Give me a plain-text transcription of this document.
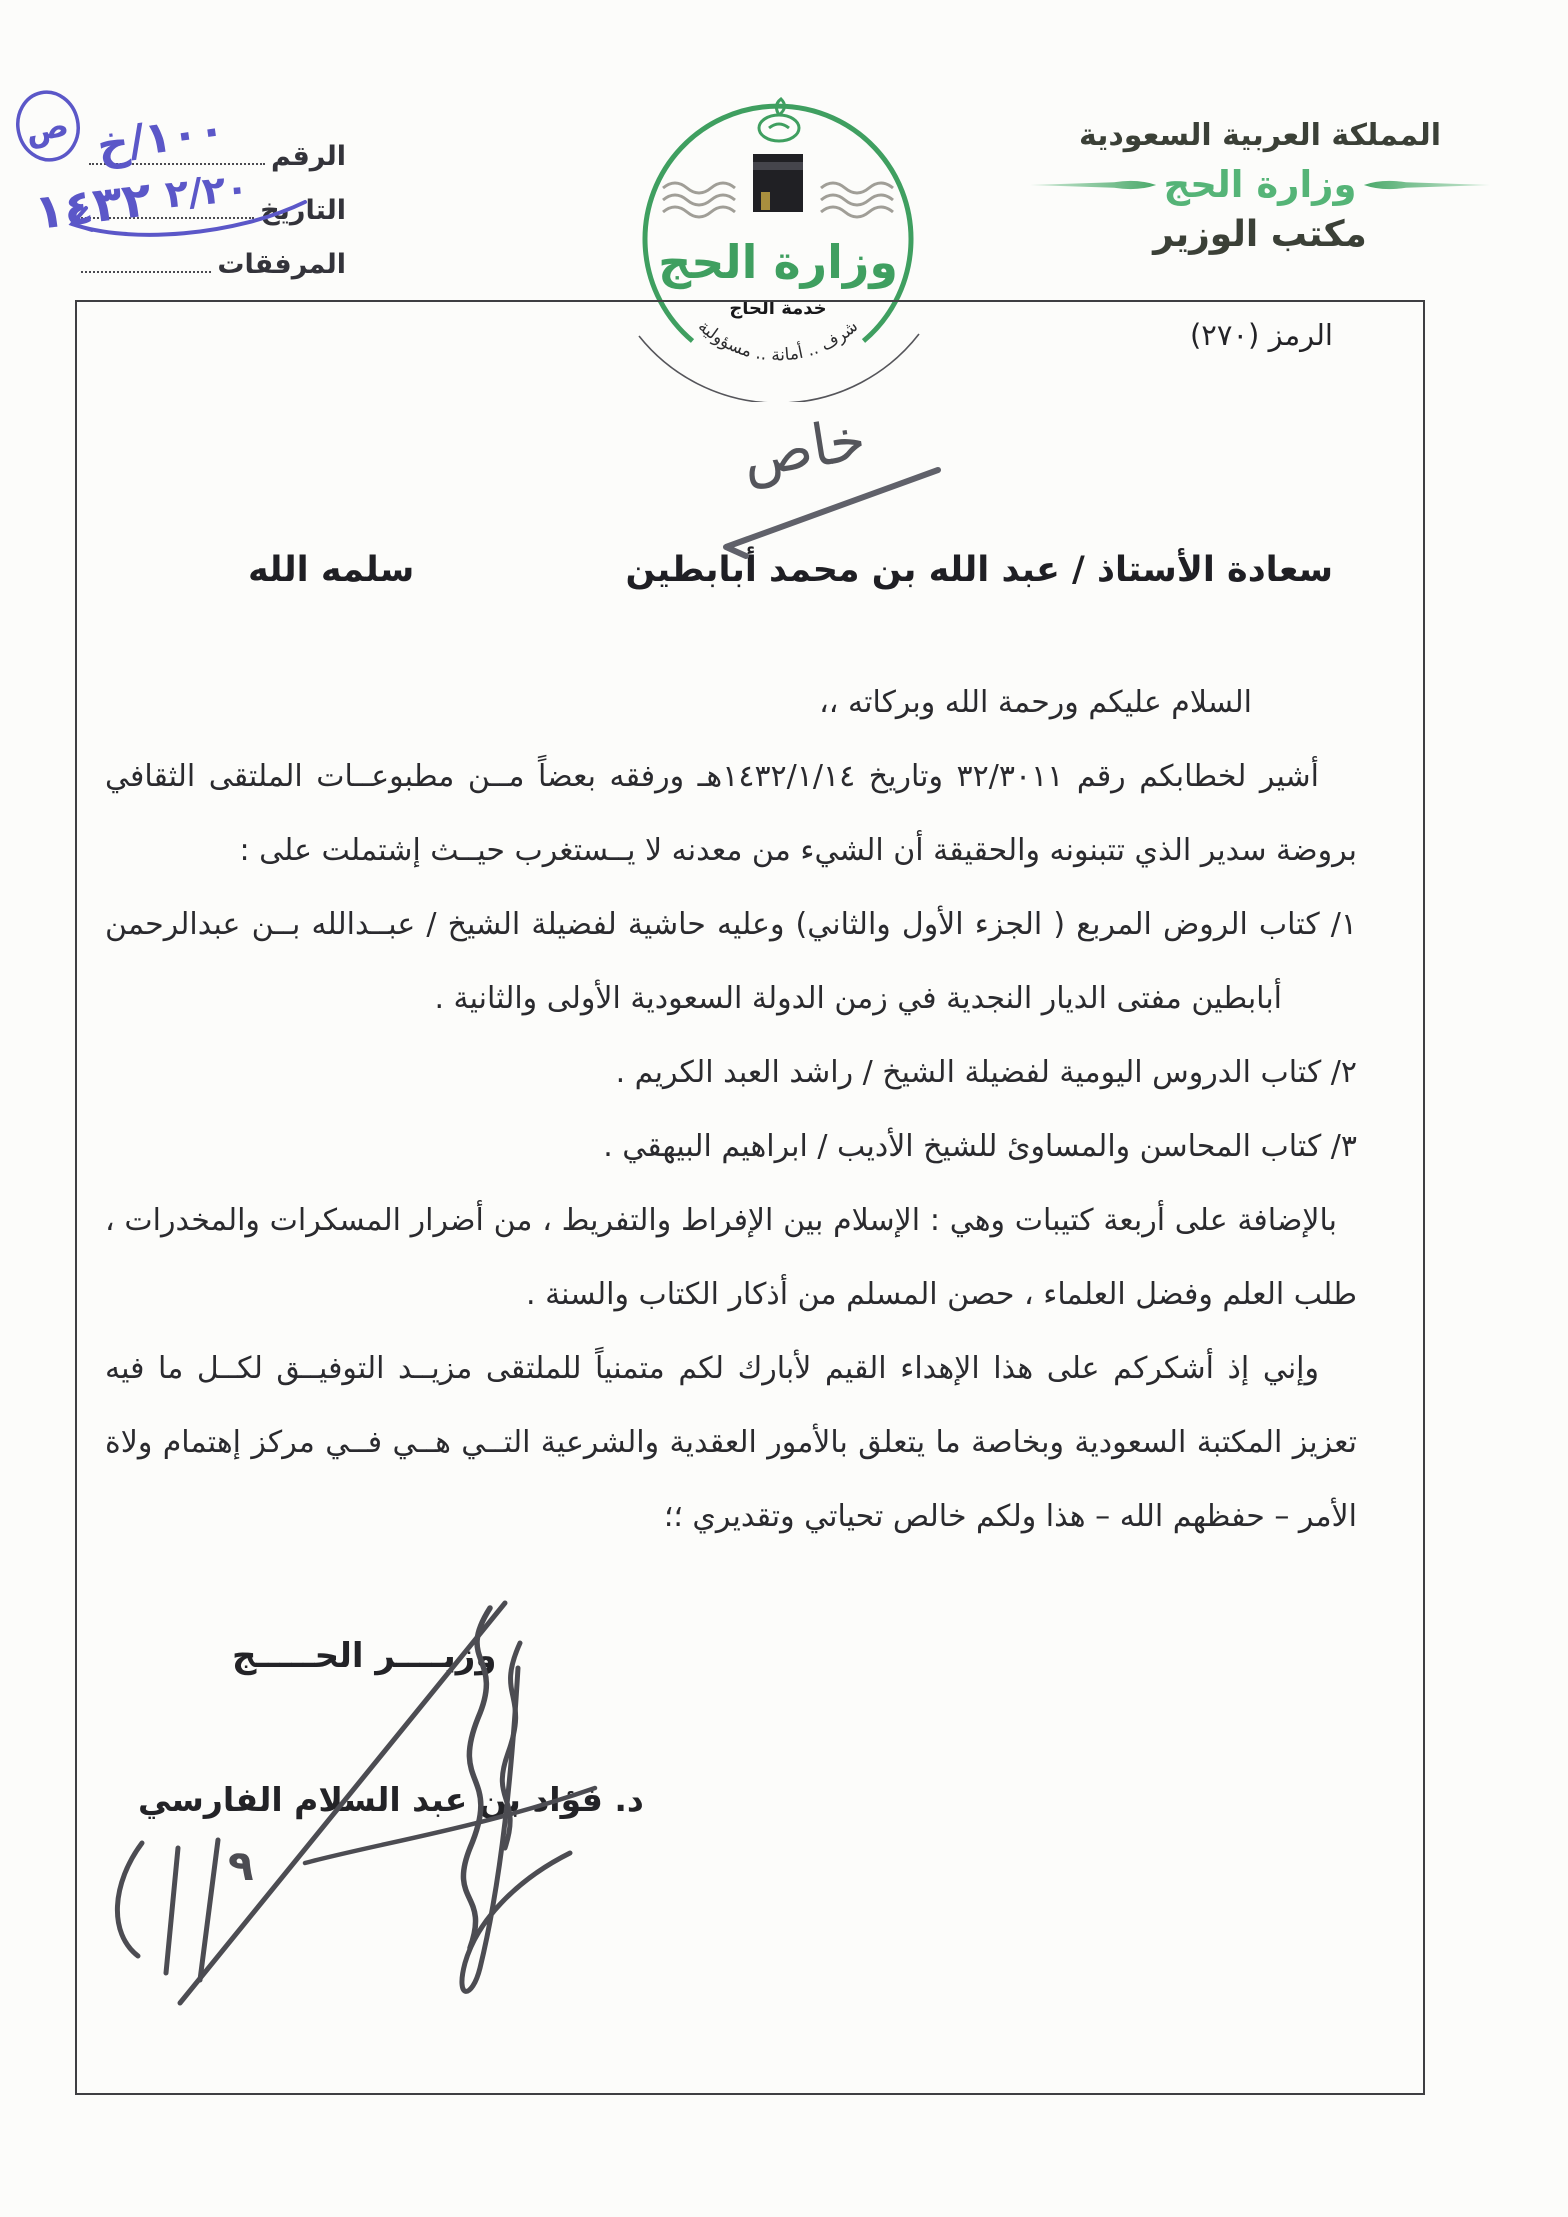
الرقم
التاريخ
المرفقات
ص ١٠٠/خ
٢/٢٠
١٤٣٢
وزارة الحج
خدمة الحاج
شرف .. أمانة .. مسؤولية
المملكة العربية السعودية
وزارة الحج
مكتب الوزير
الرمز (٢٧٠)
خاص
سعادة الأستاذ / عبد الله بن محمد أبابطين
سلمه الله

السلام عليكم ورحمة الله وبركاته ،،

أشير لخطابكم رقم ٣٢/٣٠١١ وتاريخ ١٤٣٢/١/١٤هـ ورفقه بعضاً مــن مطبوعــات الملتقى الثقافي بروضة سدير الذي تتبنونه والحقيقة أن الشيء من معدنه لا يــستغرب حيــث إشتملت على :

١/ كتاب الروض المربع ( الجزء الأول والثاني) وعليه حاشية لفضيلة الشيخ / عبــدالله بــن عبدالرحمن أبابطين مفتى الديار النجدية في زمن الدولة السعودية الأولى والثانية .

٢/ كتاب الدروس اليومية لفضيلة الشيخ / راشد العبد الكريم .

٣/ كتاب المحاسن والمساوئ للشيخ الأديب / ابراهيم البيهقي .

بالإضافة على أربعة كتيبات وهي : الإسلام بين الإفراط والتفريط ، من أضرار المسكرات والمخدرات ، طلب العلم وفضل العلماء ، حصن المسلم من أذكار الكتاب والسنة .

وإني إذ أشكركم على هذا الإهداء القيم لأبارك لكم متمنياً للملتقى مزيــد التوفيــق لكــل ما فيه تعزيز المكتبة السعودية وبخاصة ما يتعلق بالأمور العقدية والشرعية التــي هــي فــي مركز إهتمام ولاة الأمر – حفظهم الله – هذا ولكم خالص تحياتي وتقديري ؛؛

وزيــــر الحـــــج
د. فؤاد بن عبد السلام الفارسي
٩
